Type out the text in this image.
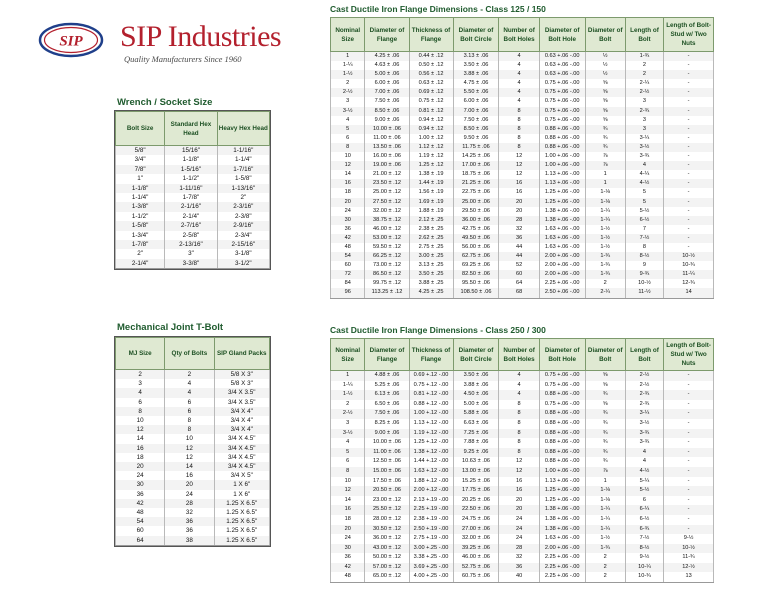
SIP SIP Industries
Quality Manufacturers Since 1960
Wrench / Socket Size
Bolt Size	Standard Hex Head	Heavy Hex Head
5/8"	15/16"	1-1/16"
3/4"	1-1/8"	1-1/4"
7/8"	1-5/16"	1-7/16"
1"	1-1/2"	1-5/8"
1-1/8"	1-11/16"	1-13/16"
1-1/4"	1-7/8"	2"
1-3/8"	2-1/16"	2-3/16"
1-1/2"	2-1/4"	2-3/8"
1-5/8"	2-7/16"	2-9/16"
1-3/4"	2-5/8"	2-3/4"
1-7/8"	2-13/16"	2-15/16"
2"	3"	3-1/8"
2-1/4"	3-3/8"	3-1/2"
Mechanical Joint T-Bolt
MJ Size	Qty of Bolts	SIP Gland Packs
2	2	5/8 X 3"
3	4	5/8 X 3"
4	4	3/4 X 3.5"
6	6	3/4 X 3.5"
8	6	3/4 X 4"
10	8	3/4 X 4"
12	8	3/4 X 4"
14	10	3/4 X 4.5"
16	12	3/4 X 4.5"
18	12	3/4 X 4.5"
20	14	3/4 X 4.5"
24	16	3/4 X 5"
30	20	1 X 6"
36	24	1 X 6"
42	28	1.25 X 6.5"
48	32	1.25 X 6.5"
54	36	1.25 X 6.5"
60	36	1.25 X 6.5"
64	38	1.25 X 6.5"
Cast Ductile Iron Flange Dimensions - Class 125 / 150
Nominal Size	Diameter of Flange	Thickness of Flange	Diameter of Bolt Circle	Number of Bolt Holes	Diameter of Bolt Hole	Diameter of Bolt	Length of Bolt	Length of Bolt-Stud w/ Two Nuts
1	4.25 ± .06	0.44 ± .12	3.13 ± .06	4	0.63 +.06 -.00	½	1-¾	-
1-¼	4.63 ± .06	0.50 ± .12	3.50 ± .06	4	0.63 +.06 -.00	½	2	-
1-½	5.00 ± .06	0.56 ± .12	3.88 ± .06	4	0.63 +.06 -.00	½	2	-
2	6.00 ± .06	0.63 ± .12	4.75 ± .06	4	0.75 +.06 -.00	⅝	2-¼	-
2-½	7.00 ± .06	0.69 ± .12	5.50 ± .06	4	0.75 +.06 -.00	⅝	2-½	-
3	7.50 ± .06	0.75 ± .12	6.00 ± .06	4	0.75 +.06 -.00	⅝	3	-
3-½	8.50 ± .06	0.81 ± .12	7.00 ± .06	8	0.75 +.06 -.00	⅝	2-¾	-
4	9.00 ± .06	0.94 ± .12	7.50 ± .06	8	0.75 +.06 -.00	⅝	3	-
5	10.00 ± .06	0.94 ± .12	8.50 ± .06	8	0.88 +.06 -.00	¾	3	-
6	11.00 ± .06	1.00 ± .12	9.50 ± .06	8	0.88 +.06 -.00	¾	3-¼	-
8	13.50 ± .06	1.12 ± .12	11.75 ± .06	8	0.88 +.06 -.00	¾	3-½	-
10	16.00 ± .06	1.19 ± .12	14.25 ± .06	12	1.00 +.06 -.00	⅞	3-¾	-
12	19.00 ± .06	1.25 ± .12	17.00 ± .06	12	1.00 +.06 -.00	⅞	4	-
14	21.00 ± .12	1.38 ± .19	18.75 ± .06	12	1.13 +.06 -.00	1	4-¼	-
16	23.50 ± .12	1.44 ± .19	21.25 ± .06	16	1.13 +.06 -.00	1	4-½	-
18	25.00 ± .12	1.56 ± .19	22.75 ± .06	16	1.25 +.06 -.00	1-⅛	5	-
20	27.50 ± .12	1.69 ± .19	25.00 ± .06	20	1.25 +.06 -.00	1-⅛	5	-
24	32.00 ± .12	1.88 ± .19	29.50 ± .06	20	1.38 +.06 -.00	1-¼	5-½	-
30	38.75 ± .12	2.12 ± .25	36.00 ± .06	28	1.38 +.06 -.00	1-¼	6-½	-
36	46.00 ± .12	2.38 ± .25	42.75 ± .06	32	1.63 +.06 -.00	1-½	7	-
42	53.00 ± .12	2.62 ± .25	49.50 ± .06	36	1.63 +.06 -.00	1-½	7-½	-
48	59.50 ± .12	2.75 ± .25	56.00 ± .06	44	1.63 +.06 -.00	1-½	8	-
54	66.25 ± .12	3.00 ± .25	62.75 ± .06	44	2.00 +.06 -.00	1-¾	8-½	10-½
60	73.00 ± .12	3.13 ± .25	69.25 ± .06	52	2.00 +.06 -.00	1-¾	9	10-¾
72	86.50 ± .12	3.50 ± .25	82.50 ± .06	60	2.00 +.06 -.00	1-¾	9-¾	11-¼
84	99.75 ± .12	3.88 ± .25	95.50 ± .06	64	2.25 +.06 -.00	2	10-½	12-¾
96	113.25 ± .12	4.25 ± .25	108.50 ± .06	68	2.50 +.06 -.00	2-¼	11-½	14
Cast Ductile Iron Flange Dimensions - Class 250 / 300
Nominal Size	Diameter of Flange	Thickness of Flange	Diameter of Bolt Circle	Number of Bolt Holes	Diameter of Bolt Hole	Diameter of Bolt	Length of Bolt	Length of Bolt-Stud w/ Two Nuts
1	4.88 ± .06	0.69 +.12 -.00	3.50 ± .06	4	0.75 +.06 -.00	⅝	2-½	-
1-¼	5.25 ± .06	0.75 +.12 -.00	3.88 ± .06	4	0.75 +.06 -.00	⅝	2-½	-
1-½	6.13 ± .06	0.81 +.12 -.00	4.50 ± .06	4	0.88 +.06 -.00	¾	2-¾	-
2	6.50 ± .06	0.88 +.12 -.00	5.00 ± .06	8	0.75 +.06 -.00	⅝	2-¾	-
2-½	7.50 ± .06	1.00 +.12 -.00	5.88 ± .06	8	0.88 +.06 -.00	¾	3-¼	-
3	8.25 ± .06	1.13 +.12 -.00	6.63 ± .06	8	0.88 +.06 -.00	¾	3-½	-
3-½	9.00 ± .06	1.19 +.12 -.00	7.25 ± .06	8	0.88 +.06 -.00	¾	3-¾	-
4	10.00 ± .06	1.25 +.12 -.00	7.88 ± .06	8	0.88 +.06 -.00	¾	3-¾	-
5	11.00 ± .06	1.38 +.12 -.00	9.25 ± .06	8	0.88 +.06 -.00	¾	4	-
6	12.50 ± .06	1.44 +.12 -.00	10.63 ± .06	12	0.88 +.06 -.00	¾	4	-
8	15.00 ± .06	1.63 +.12 -.00	13.00 ± .06	12	1.00 +.06 -.00	⅞	4-½	-
10	17.50 ± .06	1.88 +.12 -.00	15.25 ± .06	16	1.13 +.06 -.00	1	5-¼	-
12	20.50 ± .06	2.00 +.12 -.00	17.75 ± .06	16	1.25 +.06 -.00	1-⅛	5-½	-
14	23.00 ± .12	2.13 +.19 -.00	20.25 ± .06	20	1.25 +.06 -.00	1-⅛	6	-
16	25.50 ± .12	2.25 +.19 -.00	22.50 ± .06	20	1.38 +.06 -.00	1-¼	6-¼	-
18	28.00 ± .12	2.38 +.19 -.00	24.75 ± .06	24	1.38 +.06 -.00	1-¼	6-½	-
20	30.50 ± .12	2.50 +.19 -.00	27.00 ± .06	24	1.38 +.06 -.00	1-¼	6-¾	-
24	36.00 ± .12	2.75 +.19 -.00	32.00 ± .06	24	1.63 +.06 -.00	1-½	7-½	9-½
30	43.00 ± .12	3.00 +.25 -.00	39.25 ± .06	28	2.00 +.06 -.00	1-¾	8-½	10-½
36	50.00 ± .12	3.38 +.25 -.00	46.00 ± .06	32	2.25 +.06 -.00	2	9-½	11-¾
42	57.00 ± .12	3.69 +.25 -.00	52.75 ± .06	36	2.25 +.06 -.00	2	10-¼	12-½
48	65.00 ± .12	4.00 +.25 -.00	60.75 ± .06	40	2.25 +.06 -.00	2	10-¾	13
